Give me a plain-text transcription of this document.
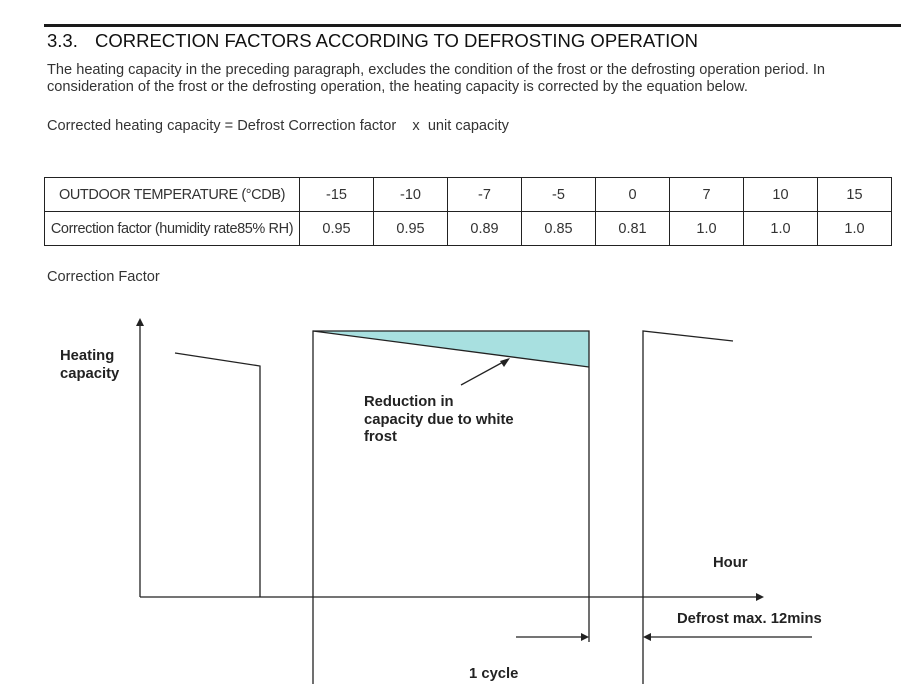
3.3. CORRECTION FACTORS ACCORDING TO DEFROSTING OPERATION
The heating capacity in the preceding paragraph, excludes the condition of the frost or the defrosting operation period. In consideration of the frost or the defrosting operation, the heating capacity is corrected by the equation below.
Corrected heating capacity = Defrost Correction factor    x  unit capacity
OUTDOOR TEMPERATURE (°CDB)	-15	-10	-7	-5	0	7	10	15
Correction factor (humidity rate85% RH)	0.95	0.95	0.89	0.85	0.81	1.0	1.0	1.0
Correction Factor
Heating
capacity
Reduction in
capacity due to white
frost
Hour
Defrost max. 12mins
1 cycle
